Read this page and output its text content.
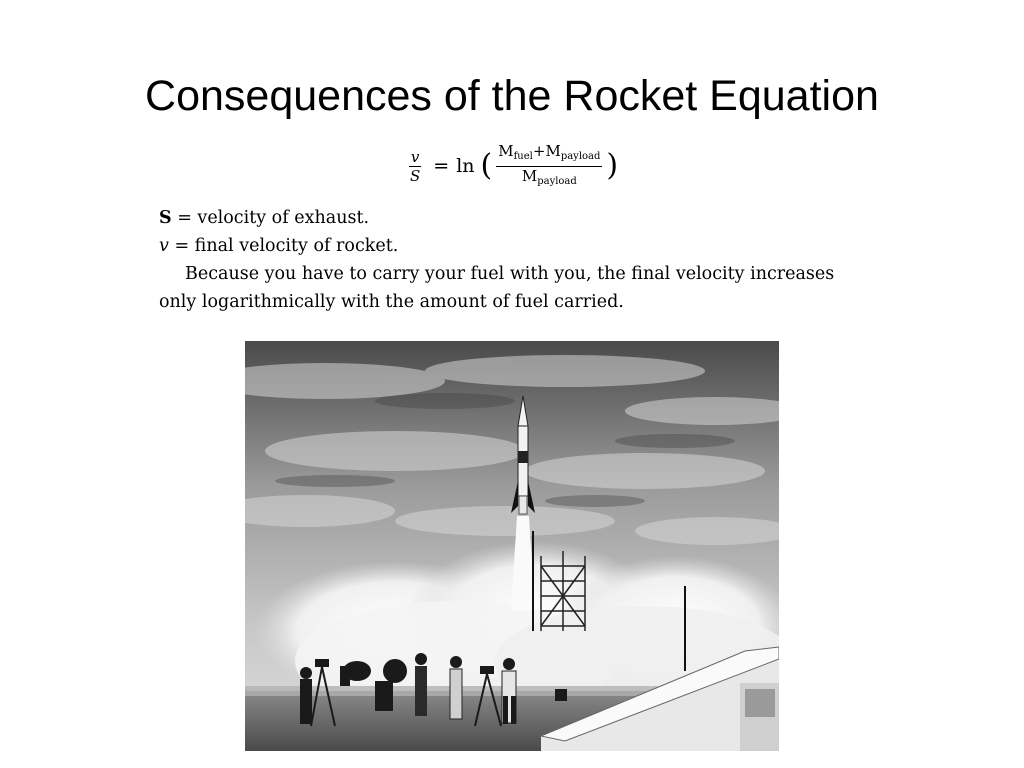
Consequences of the Rocket Equation
$\frac{v}{S} = \ln$ ( $\frac{M_{fuel}+M_{payload}}{M_{payload}}$ )
S = velocity of exhaust.
v = final velocity of rocket.
Because you have to carry your fuel with you, the final velocity increases
only logarithmically with the amount of fuel carried.
